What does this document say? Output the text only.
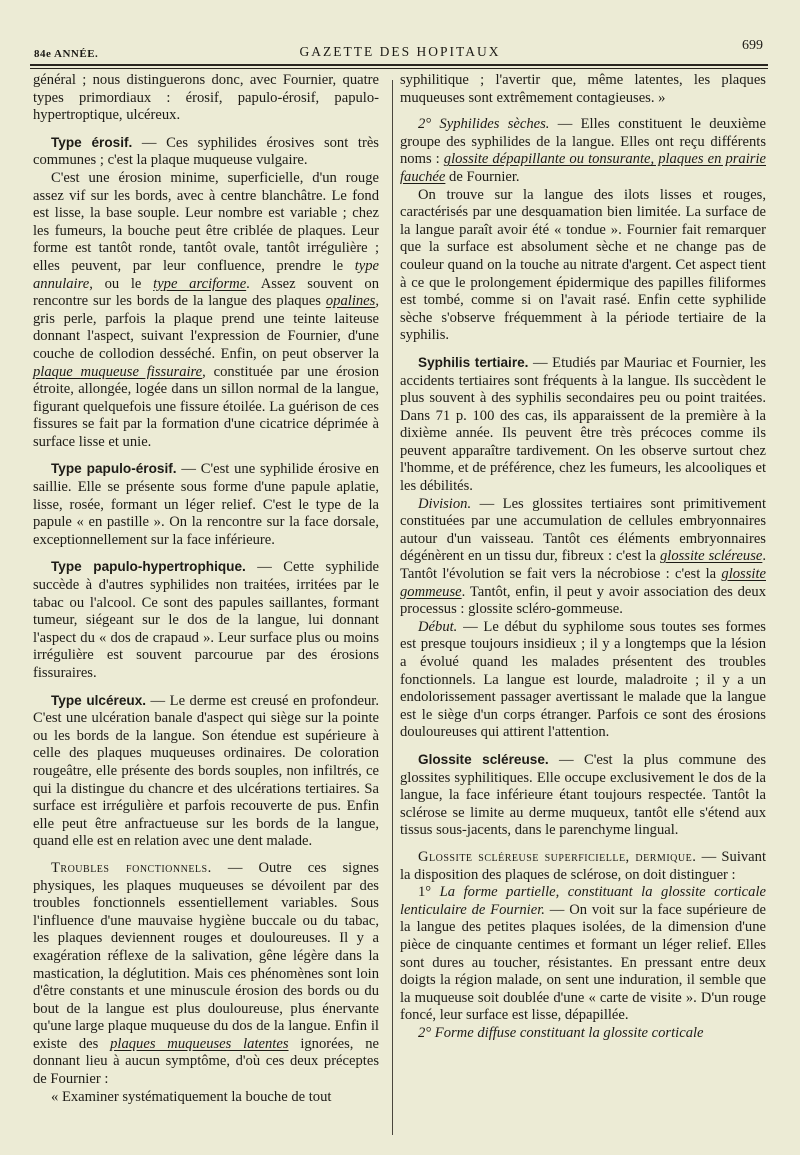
84e ANNÉE.	GAZETTE DES HOPITAUX	699

général ; nous distinguerons donc, avec Fournier, quatre types primordiaux : érosif, papulo-érosif, papulo-hypertroptique, ulcéreux.

Type érosif. — Ces syphilides érosives sont très communes ; c'est la plaque muqueuse vulgaire.

C'est une érosion minime, superficielle, d'un rouge assez vif sur les bords, avec à centre blanchâtre. Le fond est lisse, la base souple. Leur nombre est variable ; chez les fumeurs, la bouche peut être criblée de plaques. Leur forme est tantôt ronde, tantôt ovale, tantôt irrégulière ; elles peuvent, par leur confluence, prendre le type annulaire, ou le type arciforme. Assez souvent on rencontre sur les bords de la langue des plaques opalines, gris perle, parfois la plaque prend une teinte laiteuse donnant l'aspect, suivant l'expression de Fournier, d'une couche de collodion desséché. Enfin, on peut observer la plaque muqueuse fissuraire, constituée par une érosion étroite, allongée, logée dans un sillon normal de la langue, figurant quelquefois une fissure étoilée. La guérison de ces fissures se fait par la formation d'une cicatrice déprimée à surface lisse et unie.

Type papulo-érosif. — C'est une syphilide érosive en saillie. Elle se présente sous forme d'une papule aplatie, lisse, rosée, formant un léger relief. C'est le type de la papule « en pastille ». On la rencontre sur la face dorsale, exceptionnellement sur la face inférieure.

Type papulo-hypertrophique. — Cette syphilide succède à d'autres syphilides non traitées, irritées par le tabac ou l'alcool. Ce sont des papules saillantes, formant tumeur, siégeant sur le dos de la langue, lui donnant l'aspect du « dos de crapaud ». Leur surface plus ou moins irrégulière est souvent parcourue par des érosions fissuraires.

Type ulcéreux. — Le derme est creusé en profondeur. C'est une ulcération banale d'aspect qui siège sur la pointe ou les bords de la langue. Son étendue est supérieure à celle des plaques muqueuses ordinaires. De coloration rougeâtre, elle présente des bords souples, non infiltrés, ce qui la distingue du chancre et des ulcérations tertiaires. Sa surface est irrégulière et parfois recouverte de pus. Enfin elle peut être anfractueuse sur les bords de la langue, quand elle est en relation avec une dent malade.

Troubles fonctionnels. — Outre ces signes physiques, les plaques muqueuses se dévoilent par des troubles fonctionnels essentiellement variables. Sous l'influence d'une mauvaise hygiène buccale ou du tabac, les plaques deviennent rouges et douloureuses. Il y a exagération réflexe de la salivation, gêne légère dans la mastication, la déglutition. Mais ces phénomènes sont loin d'être constants et une minuscule érosion des bords ou du bout de la langue est plus douloureuse, plus énervante qu'une large plaque muqueuse du dos de la langue. Enfin il existe des plaques muqueuses latentes ignorées, ne donnant lieu à aucun symptôme, d'où ces deux préceptes de Fournier :

« Examiner systématiquement la bouche de tout

syphilitique ; l'avertir que, même latentes, les plaques muqueuses sont extrêmement contagieuses. »

2° Syphilides sèches. — Elles constituent le deuxième groupe des syphilides de la langue. Elles ont reçu différents noms : glossite dépapillante ou tonsurante, plaques en prairie fauchée de Fournier.

On trouve sur la langue des ilots lisses et rouges, caractérisés par une desquamation bien limitée. La surface de la langue paraît avoir été « tondue ». Fournier fait remarquer que la surface est absolument sèche et ne change pas de couleur quand on la touche au nitrate d'argent. Cet aspect tient à ce que le prolongement épidermique des papilles filiformes est tombé, comme si on l'avait rasé. Enfin cette syphilide sèche s'observe fréquemment à la période tertiaire de la syphilis.

Syphilis tertiaire. — Etudiés par Mauriac et Fournier, les accidents tertiaires sont fréquents à la langue. Ils succèdent le plus souvent à des syphilis secondaires peu ou point traitées. Dans 71 p. 100 des cas, ils apparaissent de la première à la dixième année. Ils peuvent être très précoces comme ils peuvent apparaître tardivement. On les observe surtout chez l'homme, et de préférence, chez les fumeurs, les alcooliques et les débilités.

Division. — Les glossites tertiaires sont primitivement constituées par une accumulation de cellules embryonnaires autour d'un vaisseau. Tantôt ces éléments embryonnaires dégénèrent en un tissu dur, fibreux : c'est la glossite scléreuse. Tantôt l'évolution se fait vers la nécrobiose : c'est la glossite gommeuse. Tantôt, enfin, il peut y avoir association des deux processus : glossite scléro-gommeuse.

Début. — Le début du syphilome sous toutes ses formes est presque toujours insidieux ; il y a longtemps que la lésion a évolué quand les malades présentent des troubles fonctionnels. La langue est lourde, maladroite ; il y a un endolorissement passager avertissant le malade que la langue est le siège d'un corps étranger. Parfois ce sont des érosions douloureuses qui attirent l'attention.

Glossite scléreuse. — C'est la plus commune des glossites syphilitiques. Elle occupe exclusivement le dos de la langue, la face inférieure étant toujours respectée. Tantôt la sclérose se limite au derme muqueux, tantôt elle s'étend aux tissus sous-jacents, dans le parenchyme lingual.

Glossite scléreuse superficielle, dermique. — Suivant la disposition des plaques de sclérose, on doit distinguer :

1° La forme partielle, constituant la glossite corticale lenticulaire de Fournier. — On voit sur la face supérieure de la langue des petites plaques isolées, de la dimension d'une pièce de cinquante centimes et formant un léger relief. Elles sont dures au toucher, résistantes. En pressant entre deux doigts la région malade, on sent une induration, il semble que la muqueuse soit doublée d'une « carte de visite ». D'un rouge foncé, leur surface est lisse, dépapillée.

2° Forme diffuse constituant la glossite corticale
